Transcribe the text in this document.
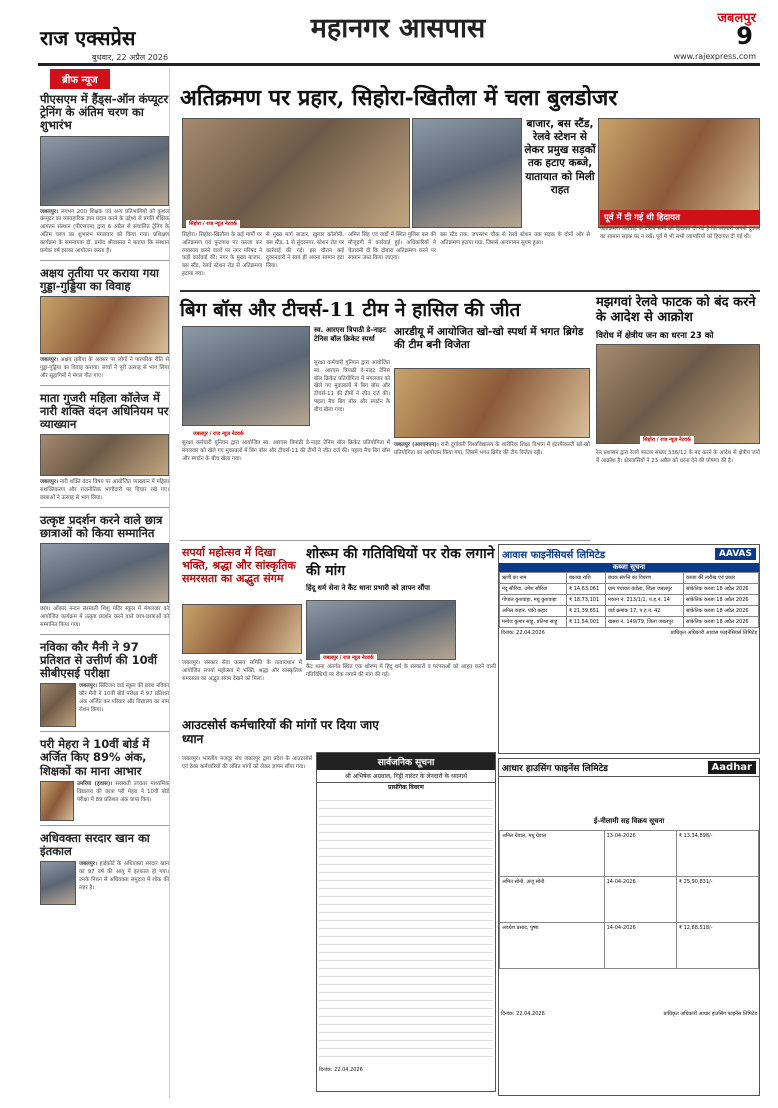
राज एक्सप्रेस
बुधवार, 22 अप्रैल 2026
महानगर आसपास	जबलपुर
9
www.rajexpress.com
ब्रीफ न्यूज
पीएसएम में हैंड्स-ऑन कंप्यूटर ट्रेनिंग के अंतिम चरण का शुभारंभ
जबलपुर। लगभग 200 शिक्षक एवं अन्य प्रतिभागियों को कुशल कंप्यूटर का व्यावहारिक ज्ञान प्रदान करने के उद्देश्य से प्रगति शैक्षिक आयतन संस्थान (पीएसएम) द्वारा 6 अप्रैल से संचालित ट्रेनिंग के अंतिम चरण का शुभारंभ मंगलवार को किया गया। प्रशिक्षण कार्यक्रम के समन्वयक डॉ. प्रमोद श्रीवास्तव ने बताया कि संस्थान प्रत्येक वर्ष इसका आयोजन करता है।
अक्षय तृतीया पर कराया गया गुड्डा-गुड्डिया का विवाह
जबलपुर। अक्षय तृतीया के अवसर पर लोगों ने पारंपरिक रीति से गुड्डा-गुड्डिया का विवाह कराया। बच्चों ने पूरी उत्साह से भाग लिया और सुहागिनों ने मंगल गीत गाए।
माता गुजरी महिला कॉलेज में नारी शक्ति वंदन अधिनियम पर व्याख्यान
जबलपुर। नारी शक्ति वंदन विषय पर आयोजित व्याख्यान में महिला सशक्तिकरण और राजनीतिक भागीदारी पर विचार रखे गए। छात्राओं ने उत्साह से भाग लिया।
उत्कृष्ट प्रदर्शन करने वाले छात्र छात्राओं को किया सम्मानित
छात्र। ओंकार नन्दन सरस्वती शिशु मंदिर स्कूल में मंगलवार को आयोजित कार्यक्रम में उत्कृष्ट प्रदर्शन करने वाले छात्र-छात्राओं को सम्मानित किया गया।
नविका कौर मैनी ने 97 प्रतिशत से उत्तीर्ण की 10वीं सीबीएसई परीक्षा
जबलपुर। सिटिजन वार्ड स्कूल की छात्रा नविका कौर मैनी ने 10वीं बोर्ड परीक्षा में 97 प्रतिशत अंक अर्जित कर परिवार और विद्यालय का नाम रोशन किया।
परी मेहरा ने 10वीं बोर्ड में अर्जित किए 89% अंक, शिक्षकों का माना आभार
उमरिया (हवास)। सरस्वती उच्चतर माध्यमिक विद्यालय की छात्रा परी मेहरा ने 10वीं बोर्ड परीक्षा में 89 प्रतिशत अंक प्राप्त किए।
अधिवक्ता सरदार खान का इंतकाल
जबलपुर। हाईकोर्ट के अधिवक्ता सरदार खान का 97 वर्ष की आयु में इंतकाल हो गया। उनके निधन से अधिवक्ता समुदाय में शोक की लहर है।
अतिक्रमण पर प्रहार, सिहोरा-खितौला में चला बुलडोजर
बाजार, बस स्टैंड, रेलवे स्टेशन से लेकर प्रमुख सड़कों तक हटाए कब्जे, यातायात को मिली राहत
पूर्व में दी गई थी हिदायत
सिहोरा / राज न्यूज़ नेटवर्क
सिहोरा। सिहोरा-खितौला के कई मार्गों पर अतिक्रमण एवं फुटपाथ पर कब्जा कर व्यवसाय करने वालों पर नगर परिषद ने कड़ी कार्रवाई की। नगर के मुख्य बाजार, बस स्टैंड, रेलवे स्टेशन रोड से अतिक्रमण हटाया गया।
से मुख्य मार्ग बाजार, खुलार कॉलोनी, बस स्टैंड, 1 से सुंदरनगर, स्टेशन रोड पर कार्रवाई की गई। इस दौरान कई दुकानदारों ने स्वयं ही अपना सामान हटा लिया।
अमित सिंह एवं वार्डों में स्थित पुलिस बल की मौजूदगी में कार्रवाई हुई। अधिकारियों ने चेतावनी दी कि दोबारा अतिक्रमण करने पर सामान जब्त किया जाएगा।
बस स्टैंड तक, जयस्तंभ चौक से रेलवे स्टेशन तक सड़क के दोनों ओर से अतिक्रमण हटाया गया, जिससे आवागमन सुगम हुआ।
अतिक्रमण कार्रवाई के दौरान सभी को हिदायत दी गई है कि व्यापारी अपनी दुकान का सामान सड़क पर न रखें। पूर्व में भी सभी व्यापारियों को हिदायत दी गई थी।
बिग बॉस और टीचर्स-11 टीम ने हासिल की जीत
जबलपुर / राज न्यूज़ नेटवर्क
स्व. आरएस त्रिपाठी डे-नाइट टेनिस बॉल क्रिकेट स्पर्धा
सुरक्षा कर्मचारी युनियन द्वारा आयोजित स्व. आरएस त्रिपाठी डे-नाइट टेनिस बॉल क्रिकेट प्रतियोगिता में मंगलवार को खेले गए मुकाबलों में बिग बॉस और टीचर्स-11 की टीमों ने जीत दर्ज की। पहला मैच बिग बॉस और स्पार्टन के बीच खेला गया।
सुरक्षा कर्मचारी युनियन द्वारा आयोजित स्व. आरएस त्रिपाठी डे-नाइट टेनिस बॉल क्रिकेट प्रतियोगिता में मंगलवार को खेले गए मुकाबलों में बिग बॉस और टीचर्स-11 की टीमों ने जीत दर्ज की। पहला मैच बिग बॉस और स्पार्टन के बीच खेला गया।
आरडीयू में आयोजित खो-खो स्पर्धा में भगत ब्रिगेड की टीम बनी विजेता
जबलपुर (आरएनएन)। रानी दुर्गावती विश्वविद्यालय के शारीरिक शिक्षा विभाग में इंटरफैकल्टी खो-खो प्रतियोगिता का आयोजन किया गया, जिसमें भगत ब्रिगेड की टीम विजेता रही।
मझगवां रेलवे फाटक को बंद करने के आदेश से आक्रोश
विरोध में क्षेत्रीय जन का धरना 23 को
सिहोरा / राज न्यूज़ नेटवर्क
रेल प्रशासन द्वारा रेलवे फाटक संख्या 336/12 के बंद करने के आदेश से क्षेत्रीय जनों में आक्रोश है। क्षेत्रवासियों ने 23 अप्रैल को धरना देने की घोषणा की है।
सपर्या महोत्सव में दिखा भक्ति, श्रद्धा और सांस्कृतिक समरसता का अद्भुत संगम
जबलपुर। संस्कार सेवा उत्सव समिति के तत्वावधान में आयोजित सपर्या महोत्सव में भक्ति, श्रद्धा और सांस्कृतिक समरसता का अद्भुत संगम देखने को मिला।
शोरूम की गतिविधियों पर रोक लगाने की मांग
हिंदू धर्म सेना ने कैंट थाना प्रभारी को ज्ञापन सौंपा
जबलपुर / राज न्यूज़ नेटवर्क
कैंट थाना अंतर्गत स्थित एक शोरूम में हिंदू धर्म के संस्कारों व परंपराओं को आहत करने वाली गतिविधियों पर रोक लगाने की मांग की गई।
आउटसोर्स कर्मचारियों की मांगों पर दिया जाए ध्यान
जबलपुर। भारतीय मजदूर संघ जबलपुर द्वारा प्रदेश के आउटसोर्स एवं ठेका कर्मचारियों की लंबित मांगों को लेकर ज्ञापन सौंपा गया।	सार्वजनिक सूचना
श्री अभिषेक अग्रवाल, गिट्टी गारंटर के लेनदारों के ध्यानार्थ
प्रासंगिक विवरण
दिनांक: 22.04.2026
आवास फाइनेंसियर्स लिमिटेड	AAVAS
कब्जा सूचना
ऋणी का नाम	बकाया राशि	बंधक संपत्ति का विवरण	कब्जा की तारीख एवं प्रकार
नंदू सौरिया, उमेश सौरिया	₹ 14,63,061	ग्राम पंचायत कंडेला, जिला जबलपुर	सांकेतिक कब्जा 18 अप्रैल 2026
गोपाल कुशवाहा, मधु कुशवाहा	₹ 18,73,101	मकान नं. 213/1/1, प.ह.नं. 14	सांकेतिक कब्जा 18 अप्रैल 2026
अनिल कहार, पंकी कहार	₹ 21,39,651	वार्ड क्रमांक 17, प.ह.नं. 42	सांकेतिक कब्जा 18 अप्रैल 2026
मनोज कुमार साहू, प्रतिभा साहू	₹ 11,54,001	खसरा नं. 149/79, जिला जबलपुर	सांकेतिक कब्जा 18 अप्रैल 2026
दिनांक: 22.04.2026	प्राधिकृत अधिकारी आवास फाइनेंसियर्स लिमिटेड
आधार हाउसिंग फाइनेंस लिमिटेड	Aadhar
ई-नीलामी सह विक्रय सूचना
अनिल ग्रेवाल, मधु ग्रेवाल	13-04-2026	₹ 13,34,898/-
अमित सोनी, अंजू सोनी	14-04-2026	₹ 25,90,831/-
अवधेश प्रसाद, पुष्पा	14-04-2026	₹ 12,68,518/-
दिनांक: 22.04.2026	प्राधिकृत अधिकारी आधार हाउसिंग फाइनेंस लिमिटेड
